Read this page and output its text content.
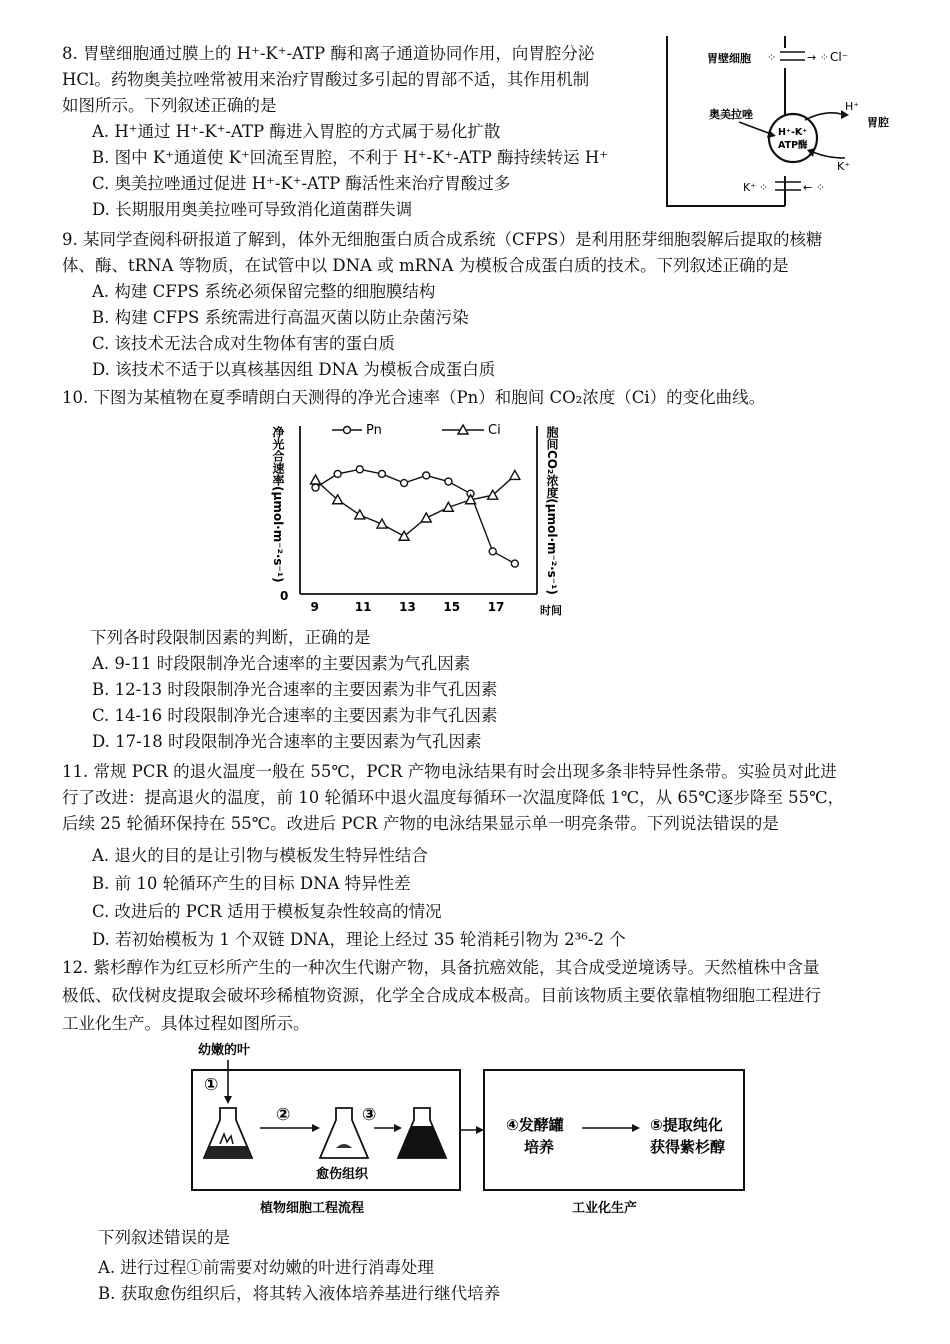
8. 胃壁细胞通过膜上的 H⁺-K⁺-ATP 酶和离子通道协同作用，向胃腔分泌
HCl。药物奥美拉唑常被用来治疗胃酸过多引起的胃部不适，其作用机制
如图所示。下列叙述正确的是
A. H⁺通过 H⁺-K⁺-ATP 酶进入胃腔的方式属于易化扩散
B. 图中 K⁺通道使 K⁺回流至胃腔，不利于 H⁺-K⁺-ATP 酶持续转运 H⁺
C. 奥美拉唑通过促进 H⁺-K⁺-ATP 酶活性来治疗胃酸过多
D. 长期服用奥美拉唑可导致消化道菌群失调
胃壁细胞 ⁘	→ ⁘ Cl⁻
H⁺-K⁺
ATP酶
H⁺
胃腔
K⁺
奥美拉唑
⁘	← ⁘
K⁺
9. 某同学查阅科研报道了解到，体外无细胞蛋白质合成系统（CFPS）是利用胚芽细胞裂解后提取的核糖
体、酶、tRNA 等物质，在试管中以 DNA 或 mRNA 为模板合成蛋白质的技术。下列叙述正确的是
A. 构建 CFPS 系统必须保留完整的细胞膜结构
B. 构建 CFPS 系统需进行高温灭菌以防止杂菌污染
C. 该技术无法合成对生物体有害的蛋白质
D. 该技术不适于以真核基因组 DNA 为模板合成蛋白质
10. 下图为某植物在夏季晴朗白天测得的净光合速率（Pn）和胞间 CO₂浓度（Ci）的变化曲线。
净光合速率(μmol·m⁻²·s⁻¹)	胞间CO₂浓度(μmol·m⁻²·s⁻¹)
0
时间
Pn	Ci
9	11 13 15 17
下列各时段限制因素的判断，正确的是
A. 9-11 时段限制净光合速率的主要因素为气孔因素
B. 12-13 时段限制净光合速率的主要因素为非气孔因素
C. 14-16 时段限制净光合速率的主要因素为非气孔因素
D. 17-18 时段限制净光合速率的主要因素为气孔因素
11. 常规 PCR 的退火温度一般在 55℃，PCR 产物电泳结果有时会出现多条非特异性条带。实验员对此进
行了改进：提高退火的温度，前 10 轮循环中退火温度每循环一次温度降低 1℃，从 65℃逐步降至 55℃，
后续 25 轮循环保持在 55℃。改进后 PCR 产物的电泳结果显示单一明亮条带。下列说法错误的是
A. 退火的目的是让引物与模板发生特异性结合
B. 前 10 轮循环产生的目标 DNA 特异性差
C. 改进后的 PCR 适用于模板复杂性较高的情况
D. 若初始模板为 1 个双链 DNA，理论上经过 35 轮消耗引物为 2³⁶-2 个
12. 紫杉醇作为红豆杉所产生的一种次生代谢产物，具备抗癌效能，其合成受逆境诱导。天然植株中含量
极低、砍伐树皮提取会破坏珍稀植物资源，化学全合成成本极高。目前该物质主要依靠植物细胞工程进行
工业化生产。具体过程如图所示。
幼嫩的叶
植物细胞工程流程
①
②
愈伤组织
③
工业化生产
④发酵罐
培养
⑤提取纯化
获得紫杉醇
下列叙述错误的是
A. 进行过程①前需要对幼嫩的叶进行消毒处理
B. 获取愈伤组织后，将其转入液体培养基进行继代培养
